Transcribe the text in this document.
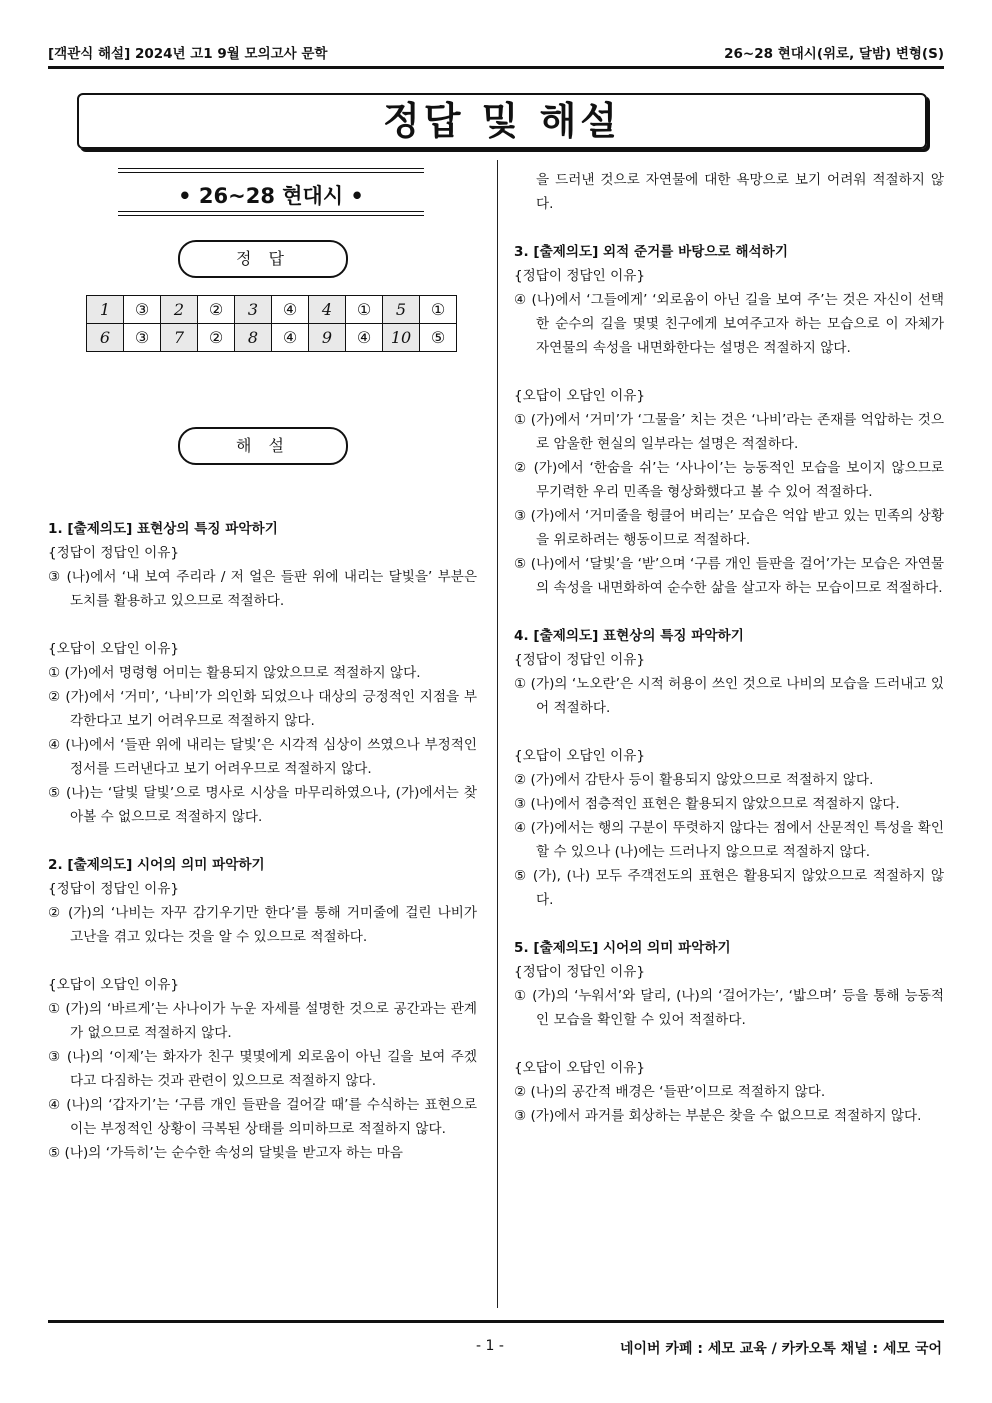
[객관식 해설] 2024년 고1 9월 모의고사 문학	26~28 현대시(위로, 달밤) 변형(S)
정답 및 해설
• 26~28 현대시 •
정 답
1	③	2	②	3	④	4	①	5	①
6	③	7	②	8	④	9	④	10	⑤
해 설

1. [출제의도] 표현상의 특징 파악하기

{정답이 정답인 이유}

③ (나)에서 ‘내 보여 주리라 / 저 얼은 들판 위에 내리는 달빛을’ 부분은 도치를 활용하고 있으므로 적절하다.

{오답이 오답인 이유}

① (가)에서 명령형 어미는 활용되지 않았으므로 적절하지 않다.

② (가)에서 ‘거미’, ‘나비’가 의인화 되었으나 대상의 긍정적인 지점을 부각한다고 보기 어려우므로 적절하지 않다.

④ (나)에서 ‘들판 위에 내리는 달빛’은 시각적 심상이 쓰였으나 부정적인 정서를 드러낸다고 보기 어려우므로 적절하지 않다.

⑤ (나)는 ‘달빛 달빛’으로 명사로 시상을 마무리하였으나, (가)에서는 찾아볼 수 없으므로 적절하지 않다.

2. [출제의도] 시어의 의미 파악하기

{정답이 정답인 이유}

② (가)의 ‘나비는 자꾸 감기우기만 한다’를 통해 거미줄에 걸린 나비가 고난을 겪고 있다는 것을 알 수 있으므로 적절하다.

{오답이 오답인 이유}

① (가)의 ‘바르게’는 사나이가 누운 자세를 설명한 것으로 공간과는 관계가 없으므로 적절하지 않다.

③ (나)의 ‘이제’는 화자가 친구 몇몇에게 외로움이 아닌 길을 보여 주겠다고 다짐하는 것과 관련이 있으므로 적절하지 않다.

④ (나)의 ‘갑자기’는 ‘구름 개인 들판을 걸어갈 때’를 수식하는 표현으로 이는 부정적인 상황이 극복된 상태를 의미하므로 적절하지 않다.

⑤ (나)의 ‘가득히’는 순수한 속성의 달빛을 받고자 하는 마음

을 드러낸 것으로 자연물에 대한 욕망으로 보기 어려워 적절하지 않다.

3. [출제의도] 외적 준거를 바탕으로 해석하기

{정답이 정답인 이유}

④ (나)에서 ‘그들에게’ ‘외로움이 아닌 길을 보여 주’는 것은 자신이 선택한 순수의 길을 몇몇 친구에게 보여주고자 하는 모습으로 이 자체가 자연물의 속성을 내면화한다는 설명은 적절하지 않다.

{오답이 오답인 이유}

① (가)에서 ‘거미’가 ‘그물을’ 치는 것은 ‘나비’라는 존재를 억압하는 것으로 암울한 현실의 일부라는 설명은 적절하다.

② (가)에서 ‘한숨을 쉬’는 ‘사나이’는 능동적인 모습을 보이지 않으므로 무기력한 우리 민족을 형상화했다고 볼 수 있어 적절하다.

③ (가)에서 ‘거미줄을 헝클어 버리는’ 모습은 억압 받고 있는 민족의 상황을 위로하려는 행동이므로 적절하다.

⑤ (나)에서 ‘달빛’을 ‘받’으며 ‘구름 개인 들판을 걸어’가는 모습은 자연물의 속성을 내면화하여 순수한 삶을 살고자 하는 모습이므로 적절하다.

4. [출제의도] 표현상의 특징 파악하기

{정답이 정답인 이유}

① (가)의 ‘노오란’은 시적 허용이 쓰인 것으로 나비의 모습을 드러내고 있어 적절하다.

{오답이 오답인 이유}

② (가)에서 감탄사 등이 활용되지 않았으므로 적절하지 않다.

③ (나)에서 점층적인 표현은 활용되지 않았으므로 적절하지 않다.

④ (가)에서는 행의 구분이 뚜렷하지 않다는 점에서 산문적인 특성을 확인할 수 있으나 (나)에는 드러나지 않으므로 적절하지 않다.

⑤ (가), (나) 모두 주객전도의 표현은 활용되지 않았으므로 적절하지 않다.

5. [출제의도] 시어의 의미 파악하기

{정답이 정답인 이유}

① (가)의 ‘누워서’와 달리, (나)의 ‘걸어가는’, ‘밟으며’ 등을 통해 능동적인 모습을 확인할 수 있어 적절하다.

{오답이 오답인 이유}

② (나)의 공간적 배경은 ‘들판’이므로 적절하지 않다.

③ (가)에서 과거를 회상하는 부분은 찾을 수 없으므로 적절하지 않다.

- 1 -	네이버 카페 : 세모 교육 / 카카오톡 채널 : 세모 국어
